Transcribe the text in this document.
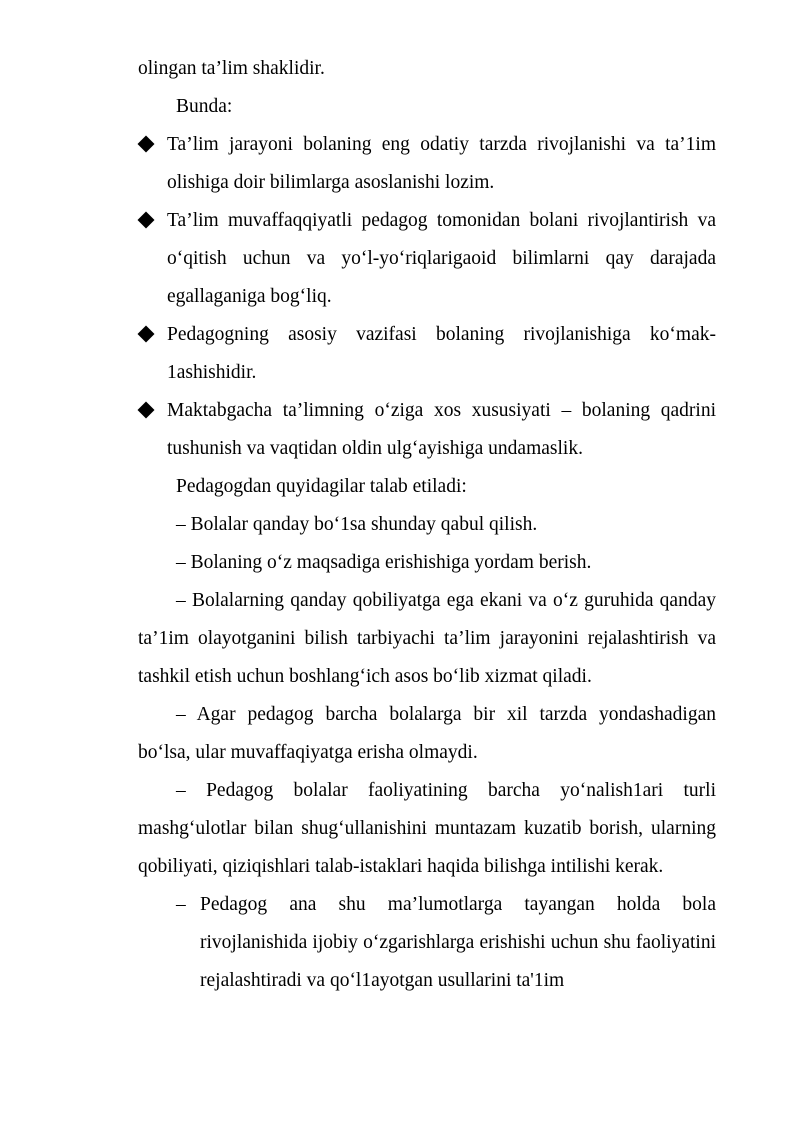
olingan ta’lim shaklidir.
Bunda:
Ta’lim jarayoni bolaning eng odatiy tarzda rivojlanishi va ta’1im olishiga doir bilimlarga asoslanishi lozim.
Ta’lim muvaffaqqiyatli pedagog tomonidan bolani rivojlantirish va o‘qitish uchun va yo‘l-yo‘riqlarigaoid bilimlarni qay darajada egallaganiga bog‘liq.
Pedagogning asosiy vazifasi bolaning rivojlanishiga ko‘mak-1ashishidir.
Maktabgacha ta’limning o‘ziga xos xususiyati – bolaning qadrini tushunish va vaqtidan oldin ulg‘ayishiga undamaslik.
Pedagogdan quyidagilar talab etiladi:
– Bolalar qanday bo‘1sa shunday qabul qilish.
– Bolaning o‘z maqsadiga erishishiga yordam berish.

– Bolalarning qanday qobiliyatga ega ekani va o‘z guruhida qanday ta’1im olayotganini bilish tarbiyachi ta’lim jarayonini rejalashtirish va tashkil etish uchun boshlang‘ich asos bo‘lib xizmat qiladi.

– Agar pedagog barcha bolalarga bir xil tarzda yondashadigan bo‘lsa, ular muvaffaqiyatga erisha olmaydi.

– Pedagog bolalar faoliyatining barcha yo‘nalish1ari turli mashg‘ulotlar bilan shug‘ullanishini muntazam kuzatib borish, ularning qobiliyati, qiziqishlari talab-istaklari haqida bilishga intilishi kerak.

– Pedagog ana shu ma’lumotlarga tayangan holda bola rivojlanishida ijobiy o‘zgarishlarga erishishi uchun shu faoliyatini rejalashtiradi va qo‘l1ayotgan usullarini ta'1im
